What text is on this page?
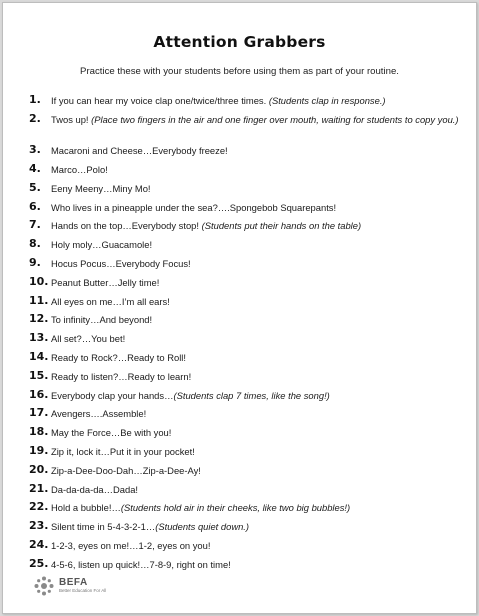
Attention Grabbers
Practice these with your students before using them as part of your routine.
1. If you can hear my voice clap one/twice/three times. (Students clap in response.)
2. Twos up! (Place two fingers in the air and one finger over mouth, waiting for students to copy you.)
3. Macaroni and Cheese…Everybody freeze!
4. Marco…Polo!
5. Eeny Meeny…Miny Mo!
6. Who lives in a pineapple under the sea?….Spongebob Squarepants!
7. Hands on the top…Everybody stop! (Students put their hands on the table)
8. Holy moly…Guacamole!
9. Hocus Pocus…Everybody Focus!
10. Peanut Butter…Jelly time!
11. All eyes on me…I’m all ears!
12. To infinity…And beyond!
13. All set?…You bet!
14. Ready to Rock?…Ready to Roll!
15. Ready to listen?…Ready to learn!
16. Everybody clap your hands…(Students clap 7 times, like the song!)
17. Avengers….Assemble!
18. May the Force…Be with you!
19. Zip it, lock it…Put it in your pocket!
20. Zip-a-Dee-Doo-Dah…Zip-a-Dee-Ay!
21. Da-da-da-da…Dada!
22. Hold a bubble!…(Students hold air in their cheeks, like two big bubbles!)
23. Silent time in 5-4-3-2-1…(Students quiet down.)
24. 1-2-3, eyes on me!…1-2, eyes on you!
25. 4-5-6, listen up quick!…7-8-9, right on time!
BEFA
Better Education For All
